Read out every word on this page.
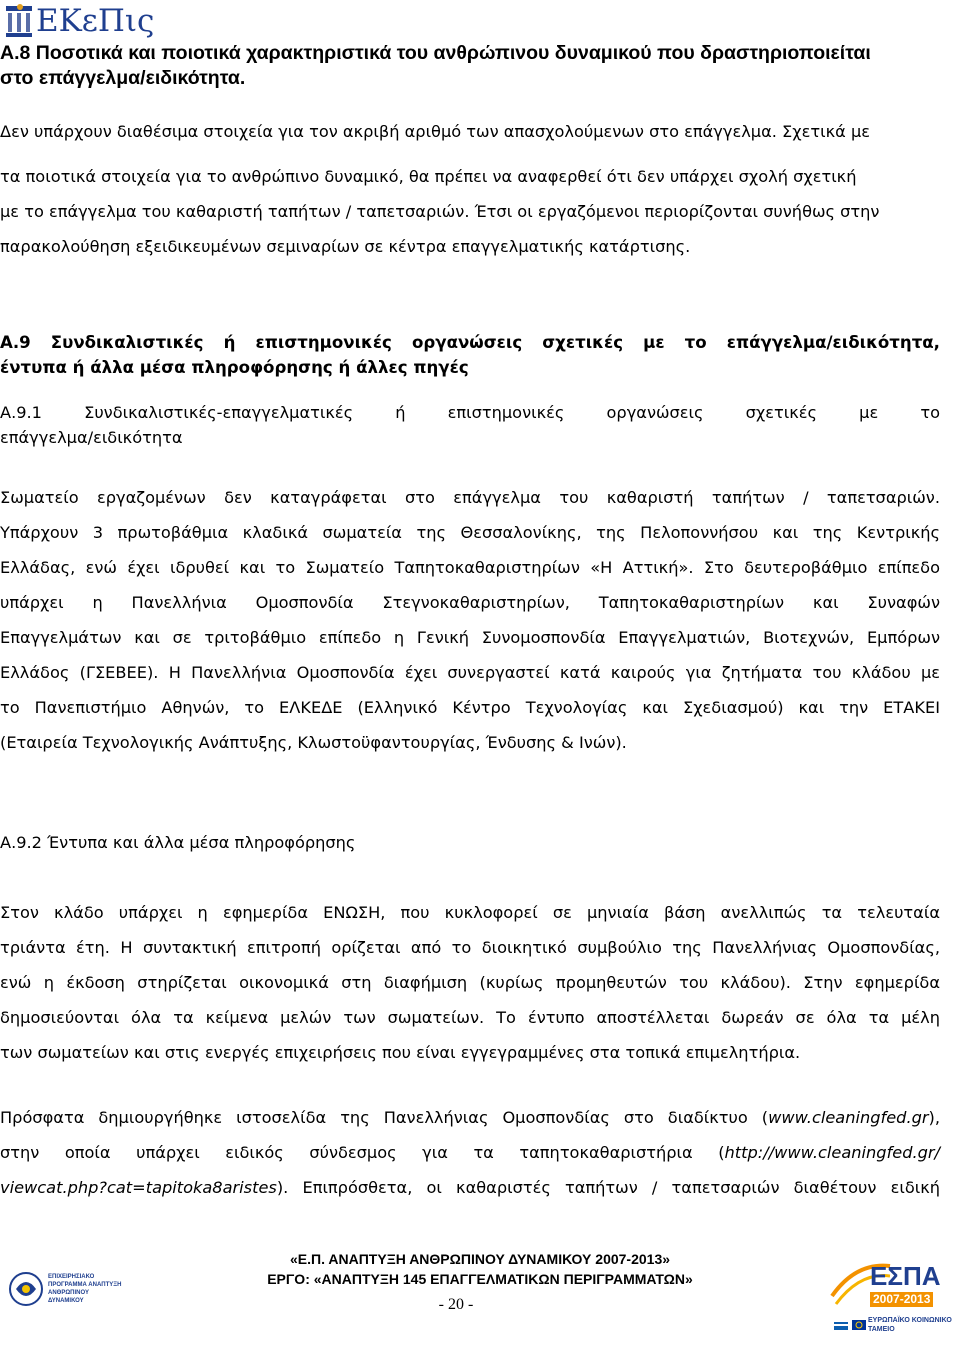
ΕΚεΠις
Α.8 Ποσοτικά και ποιοτικά χαρακτηριστικά του ανθρώπινου δυναμικού που δραστηριοποιείται
στο επάγγελμα/ειδικότητα.
Δεν υπάρχουν διαθέσιμα στοιχεία για τον ακριβή αριθμό των απασχολούμενων στο επάγγελμα. Σχετικά με
τα ποιοτικά στοιχεία για το ανθρώπινο δυναμικό, θα πρέπει να αναφερθεί ότι δεν υπάρχει σχολή σχετική
με το επάγγελμα του καθαριστή ταπήτων / ταπετσαριών. Έτσι οι εργαζόμενοι περιορίζονται συνήθως στην
παρακολούθηση εξειδικευμένων σεμιναρίων σε κέντρα επαγγελματικής κατάρτισης.
Α.9 Συνδικαλιστικές ή επιστημονικές οργανώσεις σχετικές με το επάγγελμα/ειδικότητα,
έντυπα ή άλλα μέσα πληροφόρησης ή άλλες πηγές
Α.9.1 Συνδικαλιστικές-επαγγελματικές ή επιστημονικές οργανώσεις σχετικές με το
επάγγελμα/ειδικότητα
Σωματείο εργαζομένων δεν καταγράφεται στο επάγγελμα του καθαριστή ταπήτων / ταπετσαριών.
Υπάρχουν 3 πρωτοβάθμια κλαδικά σωματεία της Θεσσαλονίκης, της Πελοποννήσου και της Κεντρικής
Ελλάδας, ενώ έχει ιδρυθεί και το Σωματείο Ταπητοκαθαριστηρίων «Η Αττική». Στο δευτεροβάθμιο επίπεδο
υπάρχει η Πανελλήνια Ομοσπονδία Στεγνοκαθαριστηρίων, Ταπητοκαθαριστηρίων και Συναφών
Επαγγελμάτων και σε τριτοβάθμιο επίπεδο η Γενική Συνομοσπονδία Επαγγελματιών, Βιοτεχνών, Εμπόρων
Ελλάδος (ΓΣΕΒΕΕ). Η Πανελλήνια Ομοσπονδία έχει συνεργαστεί κατά καιρούς για ζητήματα του κλάδου με
το Πανεπιστήμιο Αθηνών, το ΕΛΚΕΔΕ (Ελληνικό Κέντρο Τεχνολογίας και Σχεδιασμού) και την ΕΤΑΚΕΙ
(Εταιρεία Τεχνολογικής Ανάπτυξης, Κλωστοϋφαντουργίας, Ένδυσης & Ινών).
Α.9.2 Έντυπα και άλλα μέσα πληροφόρησης
Στον κλάδο υπάρχει η εφημερίδα ΕΝΩΣΗ, που κυκλοφορεί σε μηνιαία βάση ανελλιπώς τα τελευταία
τριάντα έτη. Η συντακτική επιτροπή ορίζεται από το διοικητικό συμβούλιο της Πανελλήνιας Ομοσπονδίας,
ενώ η έκδοση στηρίζεται οικονομικά στη διαφήμιση (κυρίως προμηθευτών του κλάδου). Στην εφημερίδα
δημοσιεύονται όλα τα κείμενα μελών των σωματείων. Το έντυπο αποστέλλεται δωρεάν σε όλα τα μέλη
των σωματείων και στις ενεργές επιχειρήσεις που είναι εγγεγραμμένες στα τοπικά επιμελητήρια.
Πρόσφατα δημιουργήθηκε ιστοσελίδα της Πανελλήνιας Ομοσπονδίας στο διαδίκτυο (www.cleaningfed.gr),
στην οποία υπάρχει ειδικός σύνδεσμος για τα ταπητοκαθαριστήρια (http://www.cleaningfed.gr/
viewcat.php?cat=tapitoka8aristes). Επιπρόσθετα, οι καθαριστές ταπήτων / ταπετσαριών διαθέτουν ειδική
ΕΠΙΧΕΙΡΗΣΙΑΚΟ ΠΡΟΓΡΑΜΜΑ ΑΝΑΠΤΥΞΗ ΑΝΘΡΩΠΙΝΟΥ ΔΥΝΑΜΙΚΟΥ
«Ε.Π. ΑΝΑΠΤΥΞΗ ΑΝΘΡΩΠΙΝΟΥ ΔΥΝΑΜΙΚΟΥ 2007-2013»
ΕΡΓΟ: «ΑΝΑΠΤΥΞΗ 145 ΕΠΑΓΓΕΛΜΑΤΙΚΩΝ ΠΕΡΙΓΡΑΜΜΑΤΩΝ»
- 20 -
ΕΣΠΑ
2007-2013
ΕΥΡΩΠΑΪΚΟ ΚΟΙΝΩΝΙΚΟ ΤΑΜΕΙΟ
